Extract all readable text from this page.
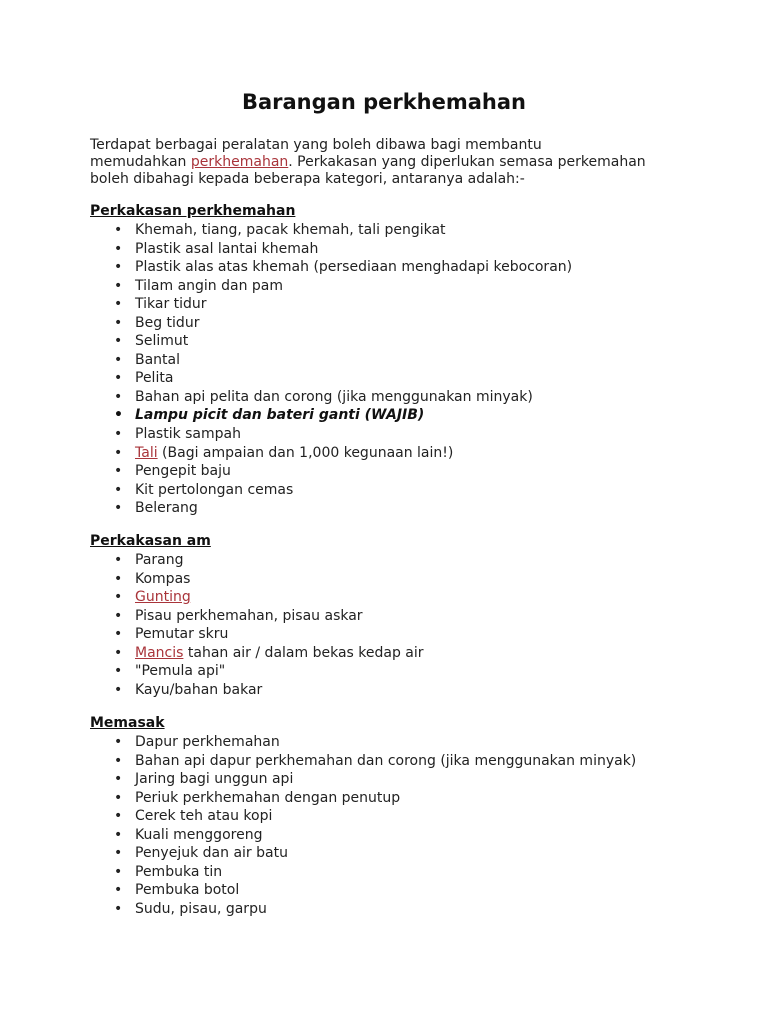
Barangan perkhemahan

Terdapat berbagai peralatan yang boleh dibawa bagi membantu
memudahkan perkhemahan. Perkakasan yang diperlukan semasa perkemahan
boleh dibahagi kepada beberapa kategori, antaranya adalah:-

Perkakasan perkhemahan
• Khemah, tiang, pacak khemah, tali pengikat
• Plastik asal lantai khemah
• Plastik alas atas khemah (persediaan menghadapi kebocoran)
• Tilam angin dan pam
• Tikar tidur
• Beg tidur
• Selimut
• Bantal
• Pelita
• Bahan api pelita dan corong (jika menggunakan minyak)
• Lampu picit dan bateri ganti (WAJIB)
• Plastik sampah
• Tali (Bagi ampaian dan 1,000 kegunaan lain!)
• Pengepit baju
• Kit pertolongan cemas
• Belerang
Perkakasan am
• Parang
• Kompas
• Gunting
• Pisau perkhemahan, pisau askar
• Pemutar skru
• Mancis tahan air / dalam bekas kedap air
• "Pemula api"
• Kayu/bahan bakar
Memasak
• Dapur perkhemahan
• Bahan api dapur perkhemahan dan corong (jika menggunakan minyak)
• Jaring bagi unggun api
• Periuk perkhemahan dengan penutup
• Cerek teh atau kopi
• Kuali menggoreng
• Penyejuk dan air batu
• Pembuka tin
• Pembuka botol
• Sudu, pisau, garpu
